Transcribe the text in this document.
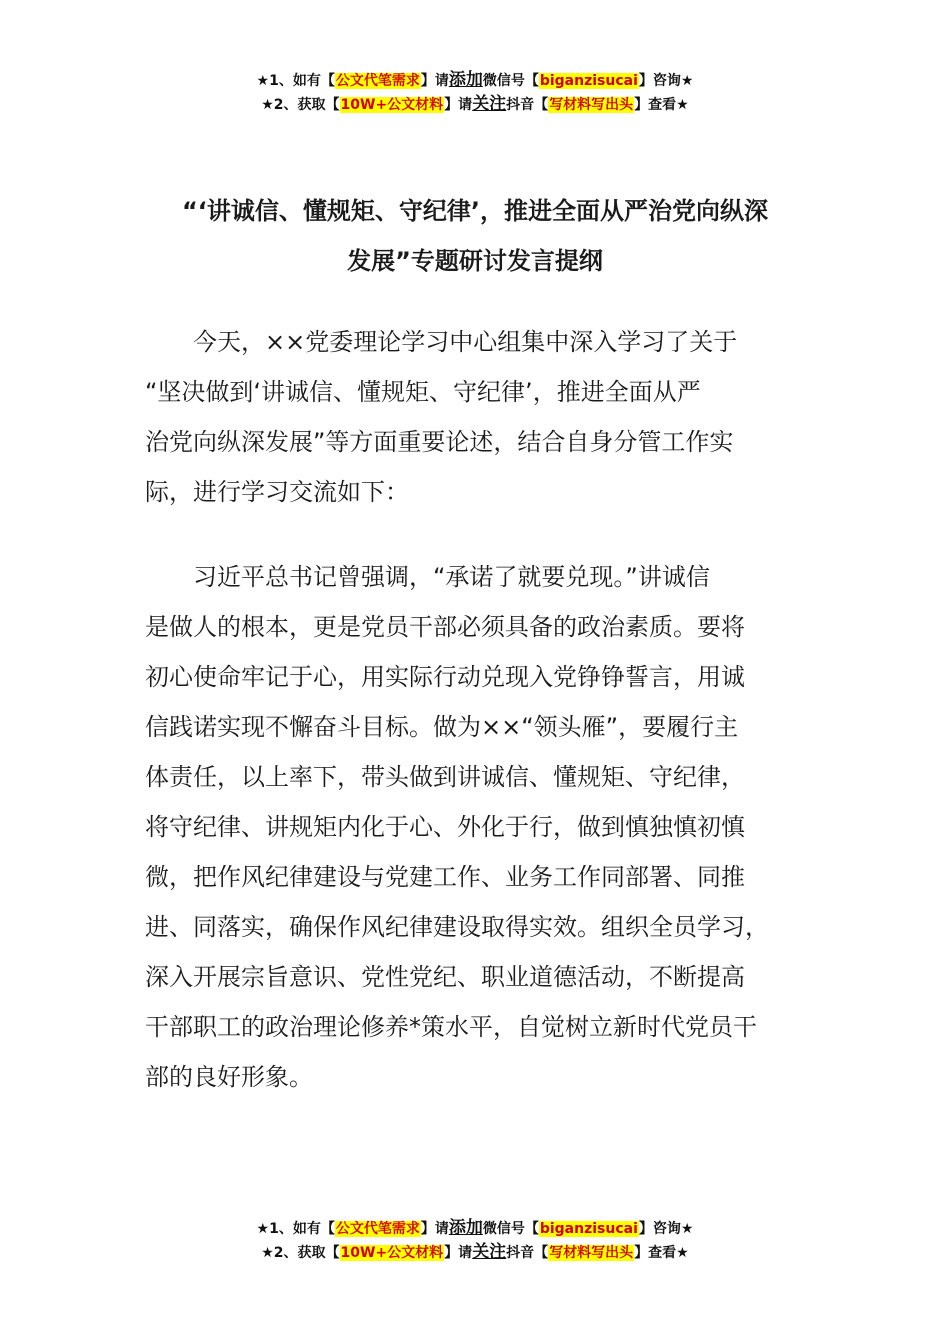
★1、如有【公文代笔需求】请添加微信号【biganzisucai】咨询★
★2、获取【10W+公文材料】请关注抖音【写材料写出头】查看★
“‘讲诚信、懂规矩、守纪律’，推进全面从严治党向纵深
发展”专题研讨发言提纲
　　今天，××党委理论学习中心组集中深入学习了关于
“坚决做到‘讲诚信、懂规矩、守纪律’，推进全面从严
治党向纵深发展”等方面重要论述，结合自身分管工作实
际，进行学习交流如下：
　　习近平总书记曾强调，“承诺了就要兑现。”讲诚信
是做人的根本，更是党员干部必须具备的政治素质。要将
初心使命牢记于心，用实际行动兑现入党铮铮誓言，用诚
信践诺实现不懈奋斗目标。做为××“领头雁”，要履行主
体责任，以上率下，带头做到讲诚信、懂规矩、守纪律，
将守纪律、讲规矩内化于心、外化于行，做到慎独慎初慎
微，把作风纪律建设与党建工作、业务工作同部署、同推
进、同落实，确保作风纪律建设取得实效。组织全员学习，
深入开展宗旨意识、党性党纪、职业道德活动，不断提高
干部职工的政治理论修养*策水平，自觉树立新时代党员干
部的良好形象。
★1、如有【公文代笔需求】请添加微信号【biganzisucai】咨询★
★2、获取【10W+公文材料】请关注抖音【写材料写出头】查看★
